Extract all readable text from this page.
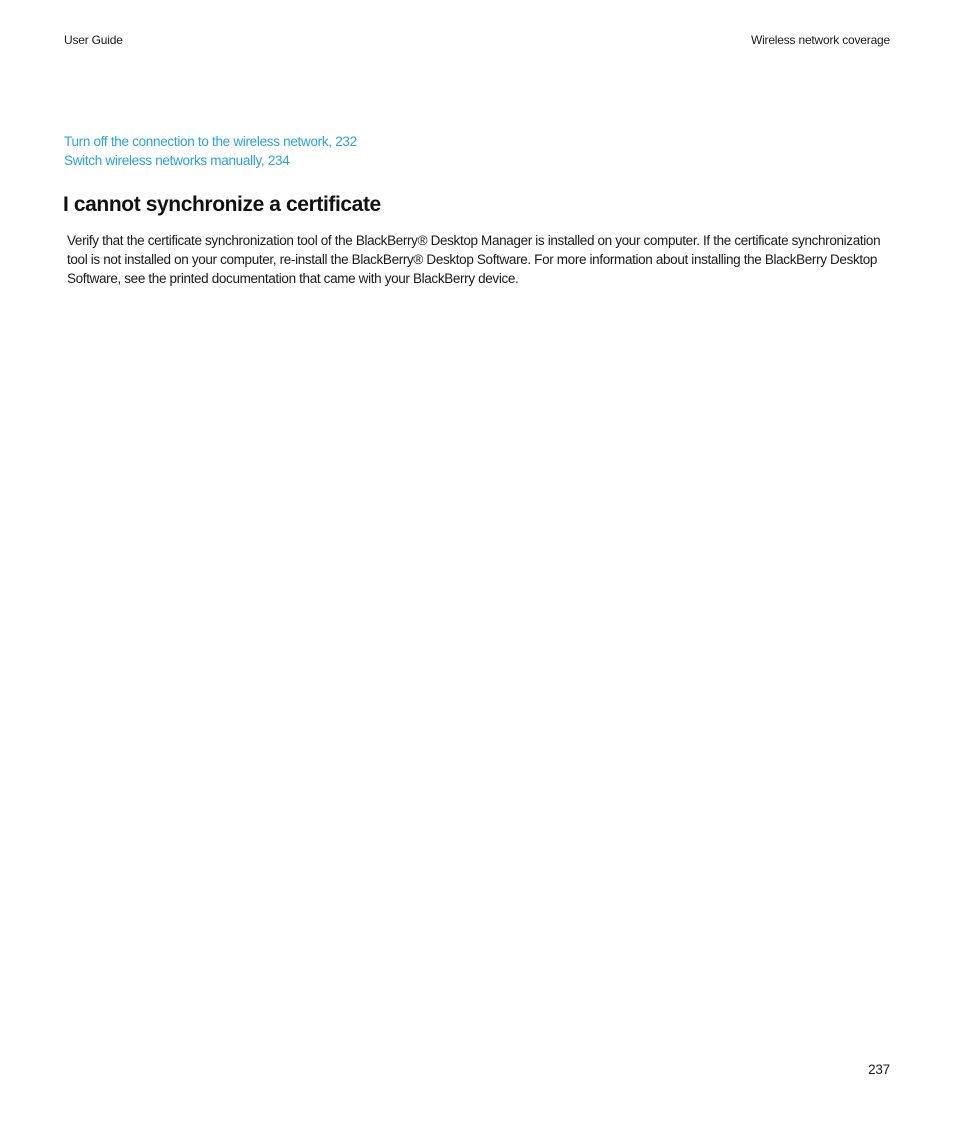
User Guide	Wireless network coverage
Turn off the connection to the wireless network, 232
Switch wireless networks manually, 234
I cannot synchronize a certificate

Verify that the certificate synchronization tool of the BlackBerry® Desktop Manager is installed on your computer. If the certificate synchronization tool is not installed on your computer, re-install the BlackBerry® Desktop Software. For more information about installing the BlackBerry Desktop Software, see the printed documentation that came with your BlackBerry device.

237
